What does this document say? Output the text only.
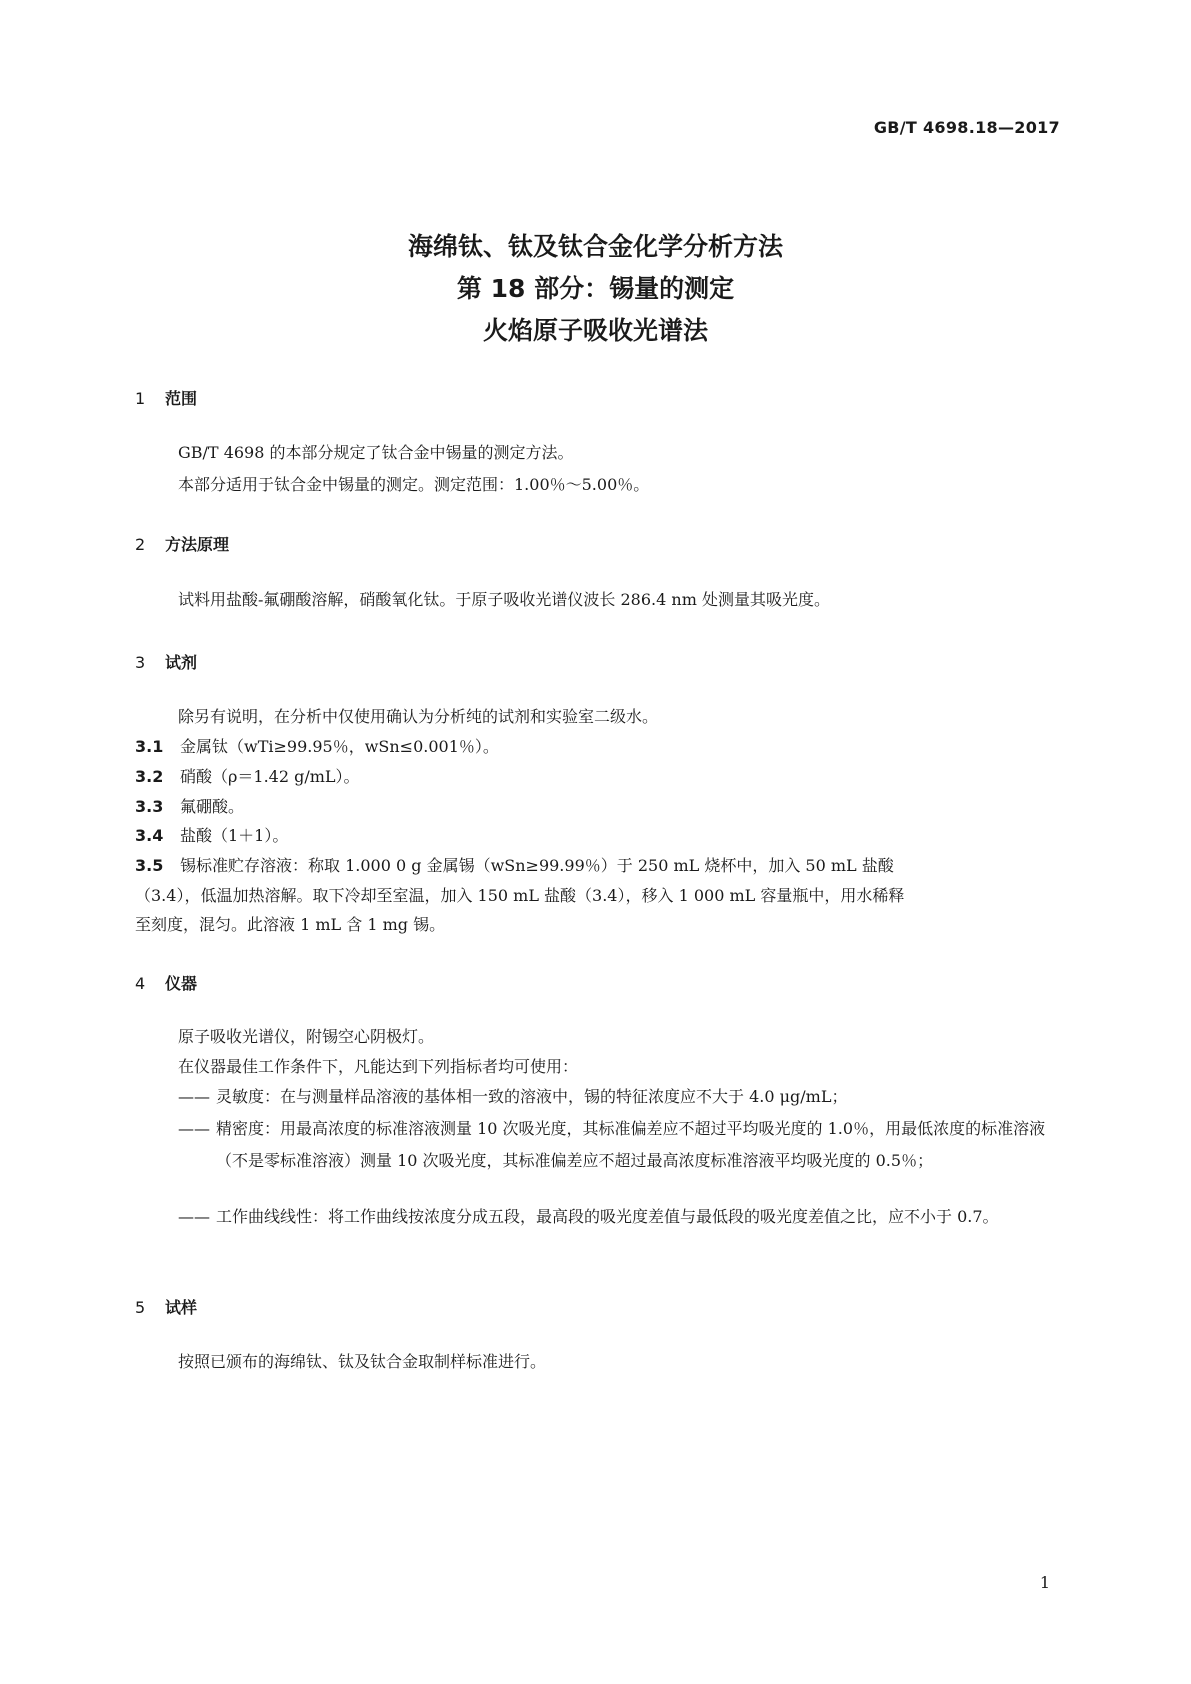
GB/T 4698.18—2017
海绵钛、钛及钛合金化学分析方法
第 18 部分：锡量的测定
火焰原子吸收光谱法
1 范围
GB/T 4698 的本部分规定了钛合金中锡量的测定方法。
本部分适用于钛合金中锡量的测定。测定范围：1.00％～5.00％。
2 方法原理
试料用盐酸-氟硼酸溶解，硝酸氧化钛。于原子吸收光谱仪波长 286.4 nm 处测量其吸光度。
3 试剂
除另有说明，在分析中仅使用确认为分析纯的试剂和实验室二级水。
3.1 金属钛（wTi≥99.95％，wSn≤0.001％）。
3.2 硝酸（ρ＝1.42 g/mL）。
3.3 氟硼酸。
3.4 盐酸（1＋1）。
3.5 锡标准贮存溶液：称取 1.000 0 g 金属锡（wSn≥99.99％）于 250 mL 烧杯中，加入 50 mL 盐酸
（3.4），低温加热溶解。取下冷却至室温，加入 150 mL 盐酸（3.4），移入 1 000 mL 容量瓶中，用水稀释
至刻度，混匀。此溶液 1 mL 含 1 mg 锡。
4 仪器
原子吸收光谱仪，附锡空心阴极灯。
在仪器最佳工作条件下，凡能达到下列指标者均可使用：
—— 灵敏度：在与测量样品溶液的基体相一致的溶液中，锡的特征浓度应不大于 4.0 μg/mL；
—— 精密度：用最高浓度的标准溶液测量 10 次吸光度，其标准偏差应不超过平均吸光度的 1.0％，用最低浓度的标准溶液（不是零标准溶液）测量 10 次吸光度，其标准偏差应不超过最高浓度标准溶液平均吸光度的 0.5％；
—— 工作曲线线性：将工作曲线按浓度分成五段，最高段的吸光度差值与最低段的吸光度差值之比，应不小于 0.7。
5 试样
按照已颁布的海绵钛、钛及钛合金取制样标准进行。
1
